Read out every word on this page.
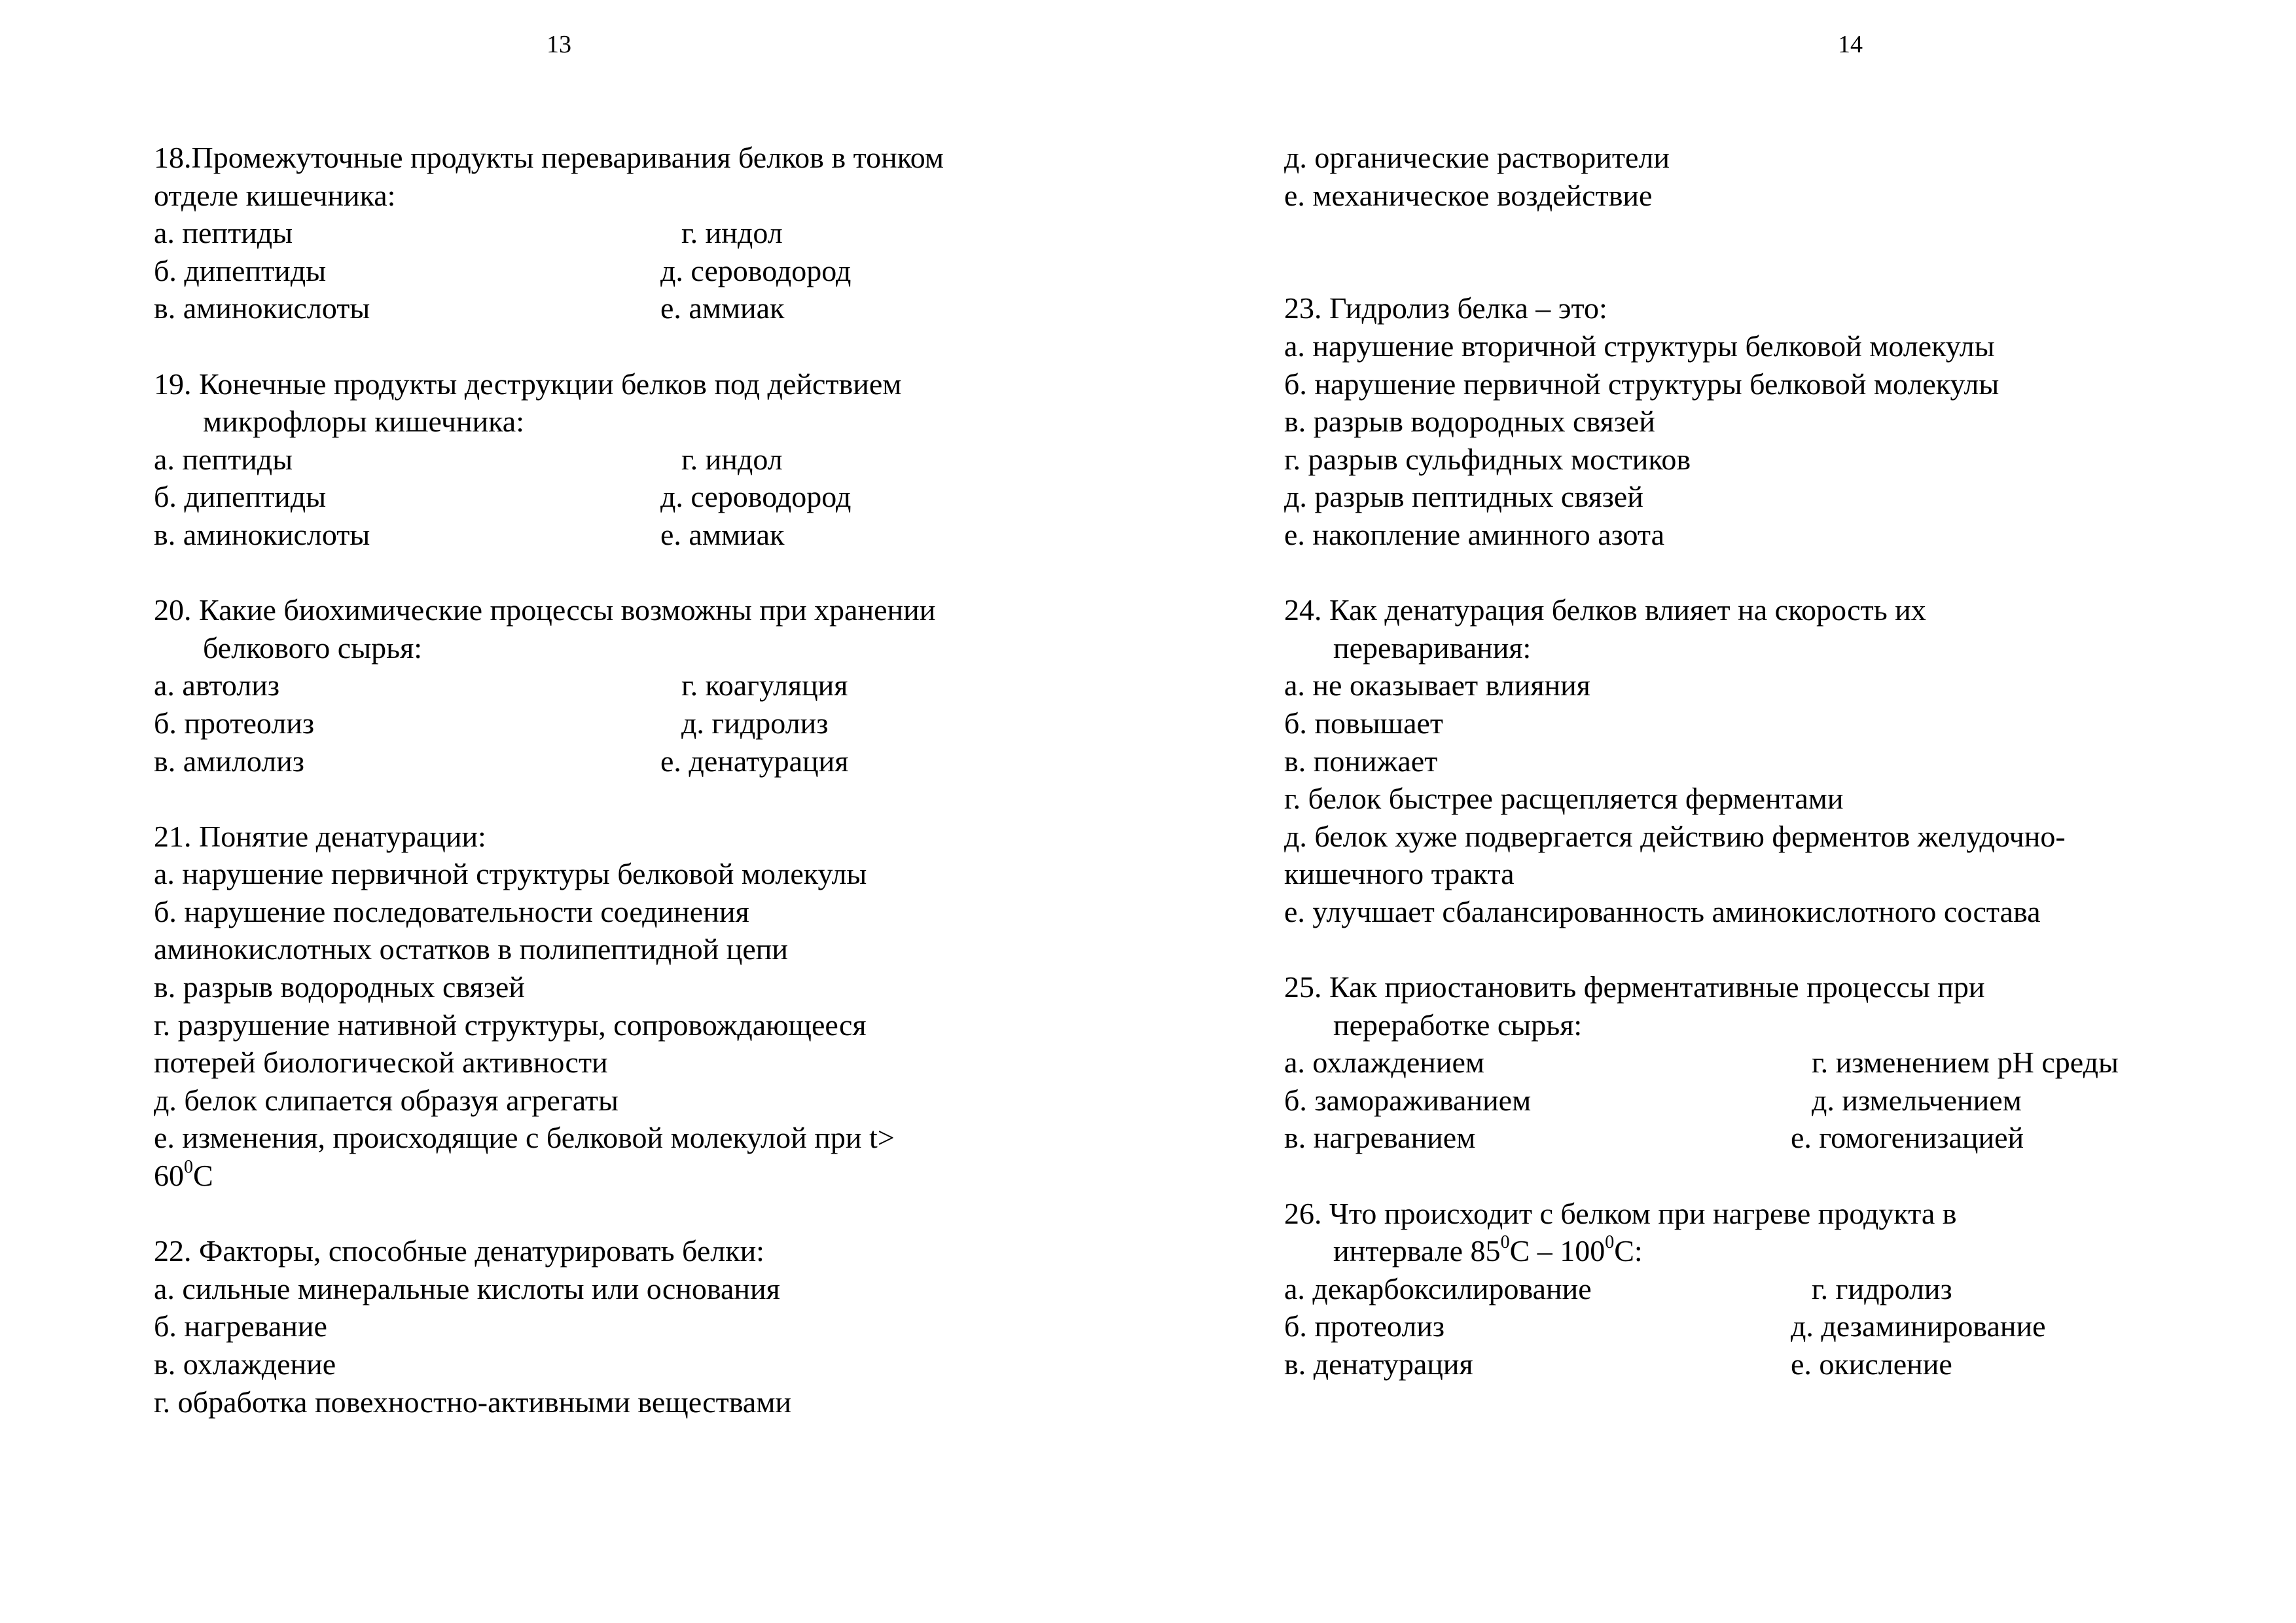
13
18.Промежуточные продукты переваривания белков в тонком
отделе кишечника:
а. пептиды	г. индол
б. дипептиды	д. сероводород
в. аминокислоты	е. аммиак
19. Конечные продукты деструкции белков под действием
микрофлоры кишечника:
а. пептиды	г. индол
б. дипептиды	д. сероводород
в. аминокислоты	е. аммиак
20. Какие биохимические процессы возможны при хранении
белкового сырья:
а. автолиз	г. коагуляция
б. протеолиз	д. гидролиз
в. амилолиз	е. денатурация
21. Понятие денатурации:
а. нарушение первичной структуры белковой молекулы
б. нарушение последовательности соединения
аминокислотных остатков в полипептидной цепи
в. разрыв водородных связей
г. разрушение нативной структуры, сопровождающееся
потерей биологической активности
д. белок слипается образуя агрегаты
е. изменения, происходящие с белковой молекулой при t>
$60^0С$
22. Факторы, способные денатурировать белки:
а. сильные минеральные кислоты или основания
б. нагревание
в. охлаждение
г. обработка повехностно-активными веществами
14
д. органические растворители
е. механическое воздействие
23. Гидролиз белка – это:
а. нарушение вторичной структуры белковой молекулы
б. нарушение первичной структуры белковой молекулы
в. разрыв водородных связей
г. разрыв сульфидных мостиков
д. разрыв пептидных связей
е. накопление аминного азота
24. Как денатурация белков влияет на скорость их
переваривания:
а. не оказывает влияния
б. повышает
в. понижает
г. белок быстрее расщепляется ферментами
д. белок хуже подвергается действию ферментов желудочно-
кишечного тракта
е. улучшает сбалансированность аминокислотного состава
25. Как приостановить ферментативные процессы при
переработке сырья:
а. охлаждением	г. изменением рН среды
б. замораживанием	д. измельчением
в. нагреванием	е. гомогенизацией
26. Что происходит с белком при нагреве продукта в
интервале $85^0С - 100^0С$:
а. декарбоксилирование	г. гидролиз
б. протеолиз	д. дезаминирование
в. денатурация	е. окисление
